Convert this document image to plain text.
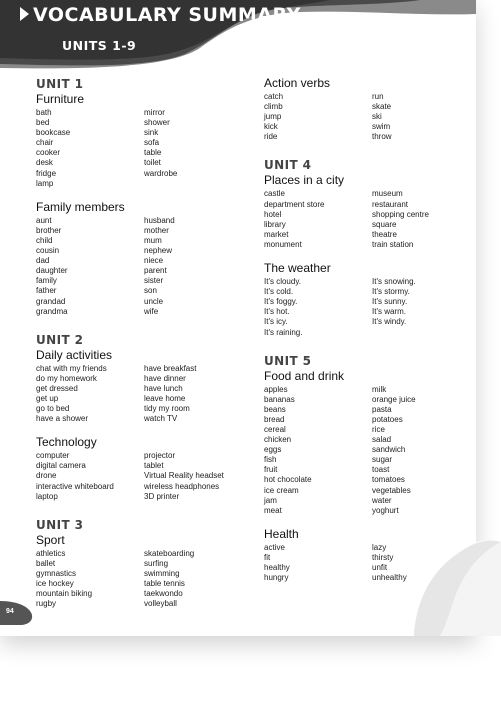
VOCABULARY SUMMARY
UNITS 1-9
UNIT 1
Furniture
bath	mirror
bed	shower
bookcase	sink
chair	sofa
cooker	table
desk	toilet
fridge	wardrobe
lamp
Family members
aunt	husband
brother	mother
child	mum
cousin	nephew
dad	niece
daughter	parent
family	sister
father	son
grandad	uncle
grandma	wife
UNIT 2
Daily activities
chat with my friends	have breakfast
do my homework	have dinner
get dressed	have lunch
get up	leave home
go to bed	tidy my room
have a shower	watch TV
Technology
computer	projector
digital camera	tablet
drone	Virtual Reality headset
interactive whiteboard	wireless headphones
laptop	3D printer
UNIT 3
Sport
athletics	skateboarding
ballet	surfing
gymnastics	swimming
ice hockey	table tennis
mountain biking	taekwondo
rugby	volleyball
Action verbs
catch	run
climb	skate
jump	ski
kick	swim
ride	throw
UNIT 4
Places in a city
castle	museum
department store	restaurant
hotel	shopping centre
library	square
market	theatre
monument	train station
The weather
It's cloudy.	It's snowing.
It's cold.	It's stormy.
It's foggy.	It's sunny.
It's hot.	It's warm.
It's icy.	It's windy.
It's raining.
UNIT 5
Food and drink
apples	milk
bananas	orange juice
beans	pasta
bread	potatoes
cereal	rice
chicken	salad
eggs	sandwich
fish	sugar
fruit	toast
hot chocolate	tomatoes
ice cream	vegetables
jam	water
meat	yoghurt
Health
active	lazy
fit	thirsty
healthy	unfit
hungry	unhealthy
94
